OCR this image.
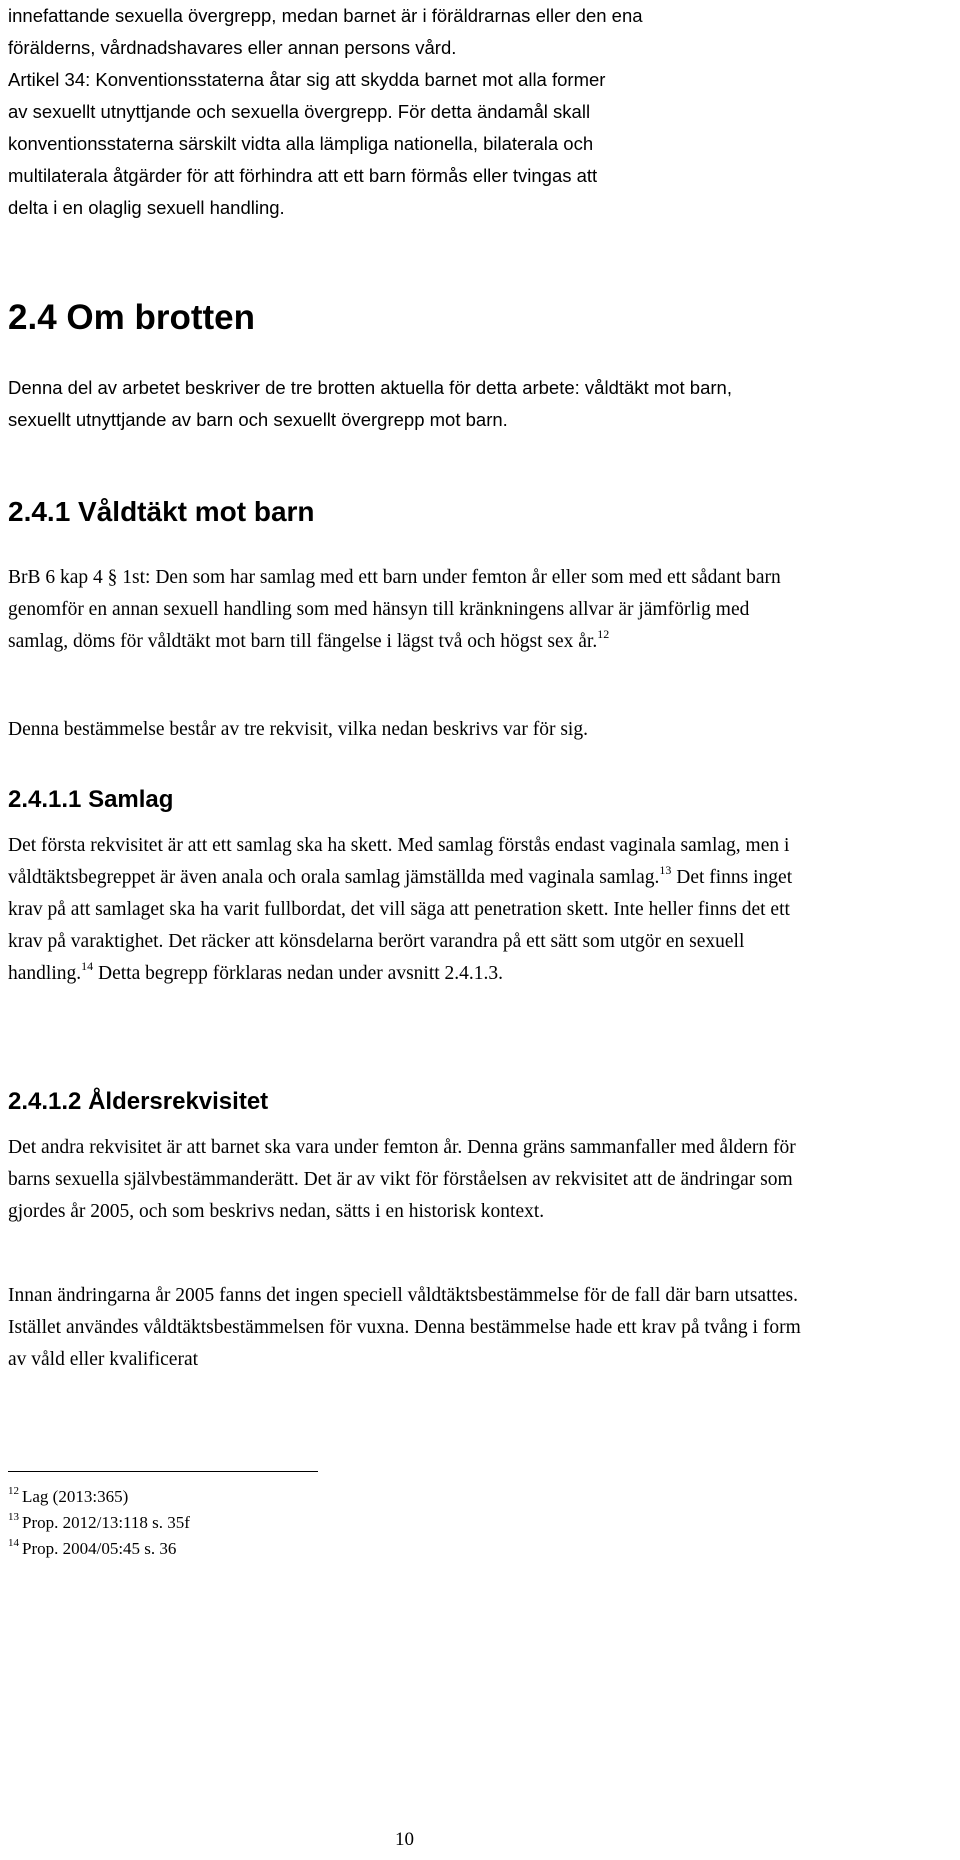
innefattande sexuella övergrepp, medan barnet är i föräldrarnas eller den ena

förälderns, vårdnadshavares eller annan persons vård.

Artikel 34: Konventionsstaterna åtar sig att skydda barnet mot alla former

av sexuellt utnyttjande och sexuella övergrepp. För detta ändamål skall

konventionsstaterna särskilt vidta alla lämpliga nationella, bilaterala och

multilaterala åtgärder för att förhindra att ett barn förmås eller tvingas att

delta i en olaglig sexuell handling.

2.4 Om brotten

Denna del av arbetet beskriver de tre brotten aktuella för detta arbete: våldtäkt mot barn, sexuellt utnyttjande av barn och sexuellt övergrepp mot barn.

2.4.1 Våldtäkt mot barn

BrB 6 kap 4 § 1st: Den som har samlag med ett barn under femton år eller som med ett sådant barn genomför en annan sexuell handling som med hänsyn till kränkningens allvar är jämförlig med samlag, döms för våldtäkt mot barn till fängelse i lägst två och högst sex år.$^{12}$

Denna bestämmelse består av tre rekvisit, vilka nedan beskrivs var för sig.

2.4.1.1 Samlag

Det första rekvisitet är att ett samlag ska ha skett. Med samlag förstås endast vaginala samlag, men i våldtäktsbegreppet är även anala och orala samlag jämställda med vaginala samlag.$^{13}$ Det finns inget krav på att samlaget ska ha varit fullbordat, det vill säga att penetration skett. Inte heller finns det ett krav på varaktighet. Det räcker att könsdelarna berört varandra på ett sätt som utgör en sexuell handling.$^{14}$ Detta begrepp förklaras nedan under avsnitt 2.4.1.3.

2.4.1.2 Åldersrekvisitet

Det andra rekvisitet är att barnet ska vara under femton år. Denna gräns sammanfaller med åldern för barns sexuella självbestämmanderätt. Det är av vikt för förståelsen av rekvisitet att de ändringar som gjordes år 2005, och som beskrivs nedan, sätts i en historisk kontext.

Innan ändringarna år 2005 fanns det ingen speciell våldtäktsbestämmelse för de fall där barn utsattes. Istället användes våldtäktsbestämmelsen för vuxna. Denna bestämmelse hade ett krav på tvång i form av våld eller kvalificerat

$^{12}$ Lag (2013:365)

$^{13}$ Prop. 2012/13:118 s. 35f

$^{14}$ Prop. 2004/05:45 s. 36

10
